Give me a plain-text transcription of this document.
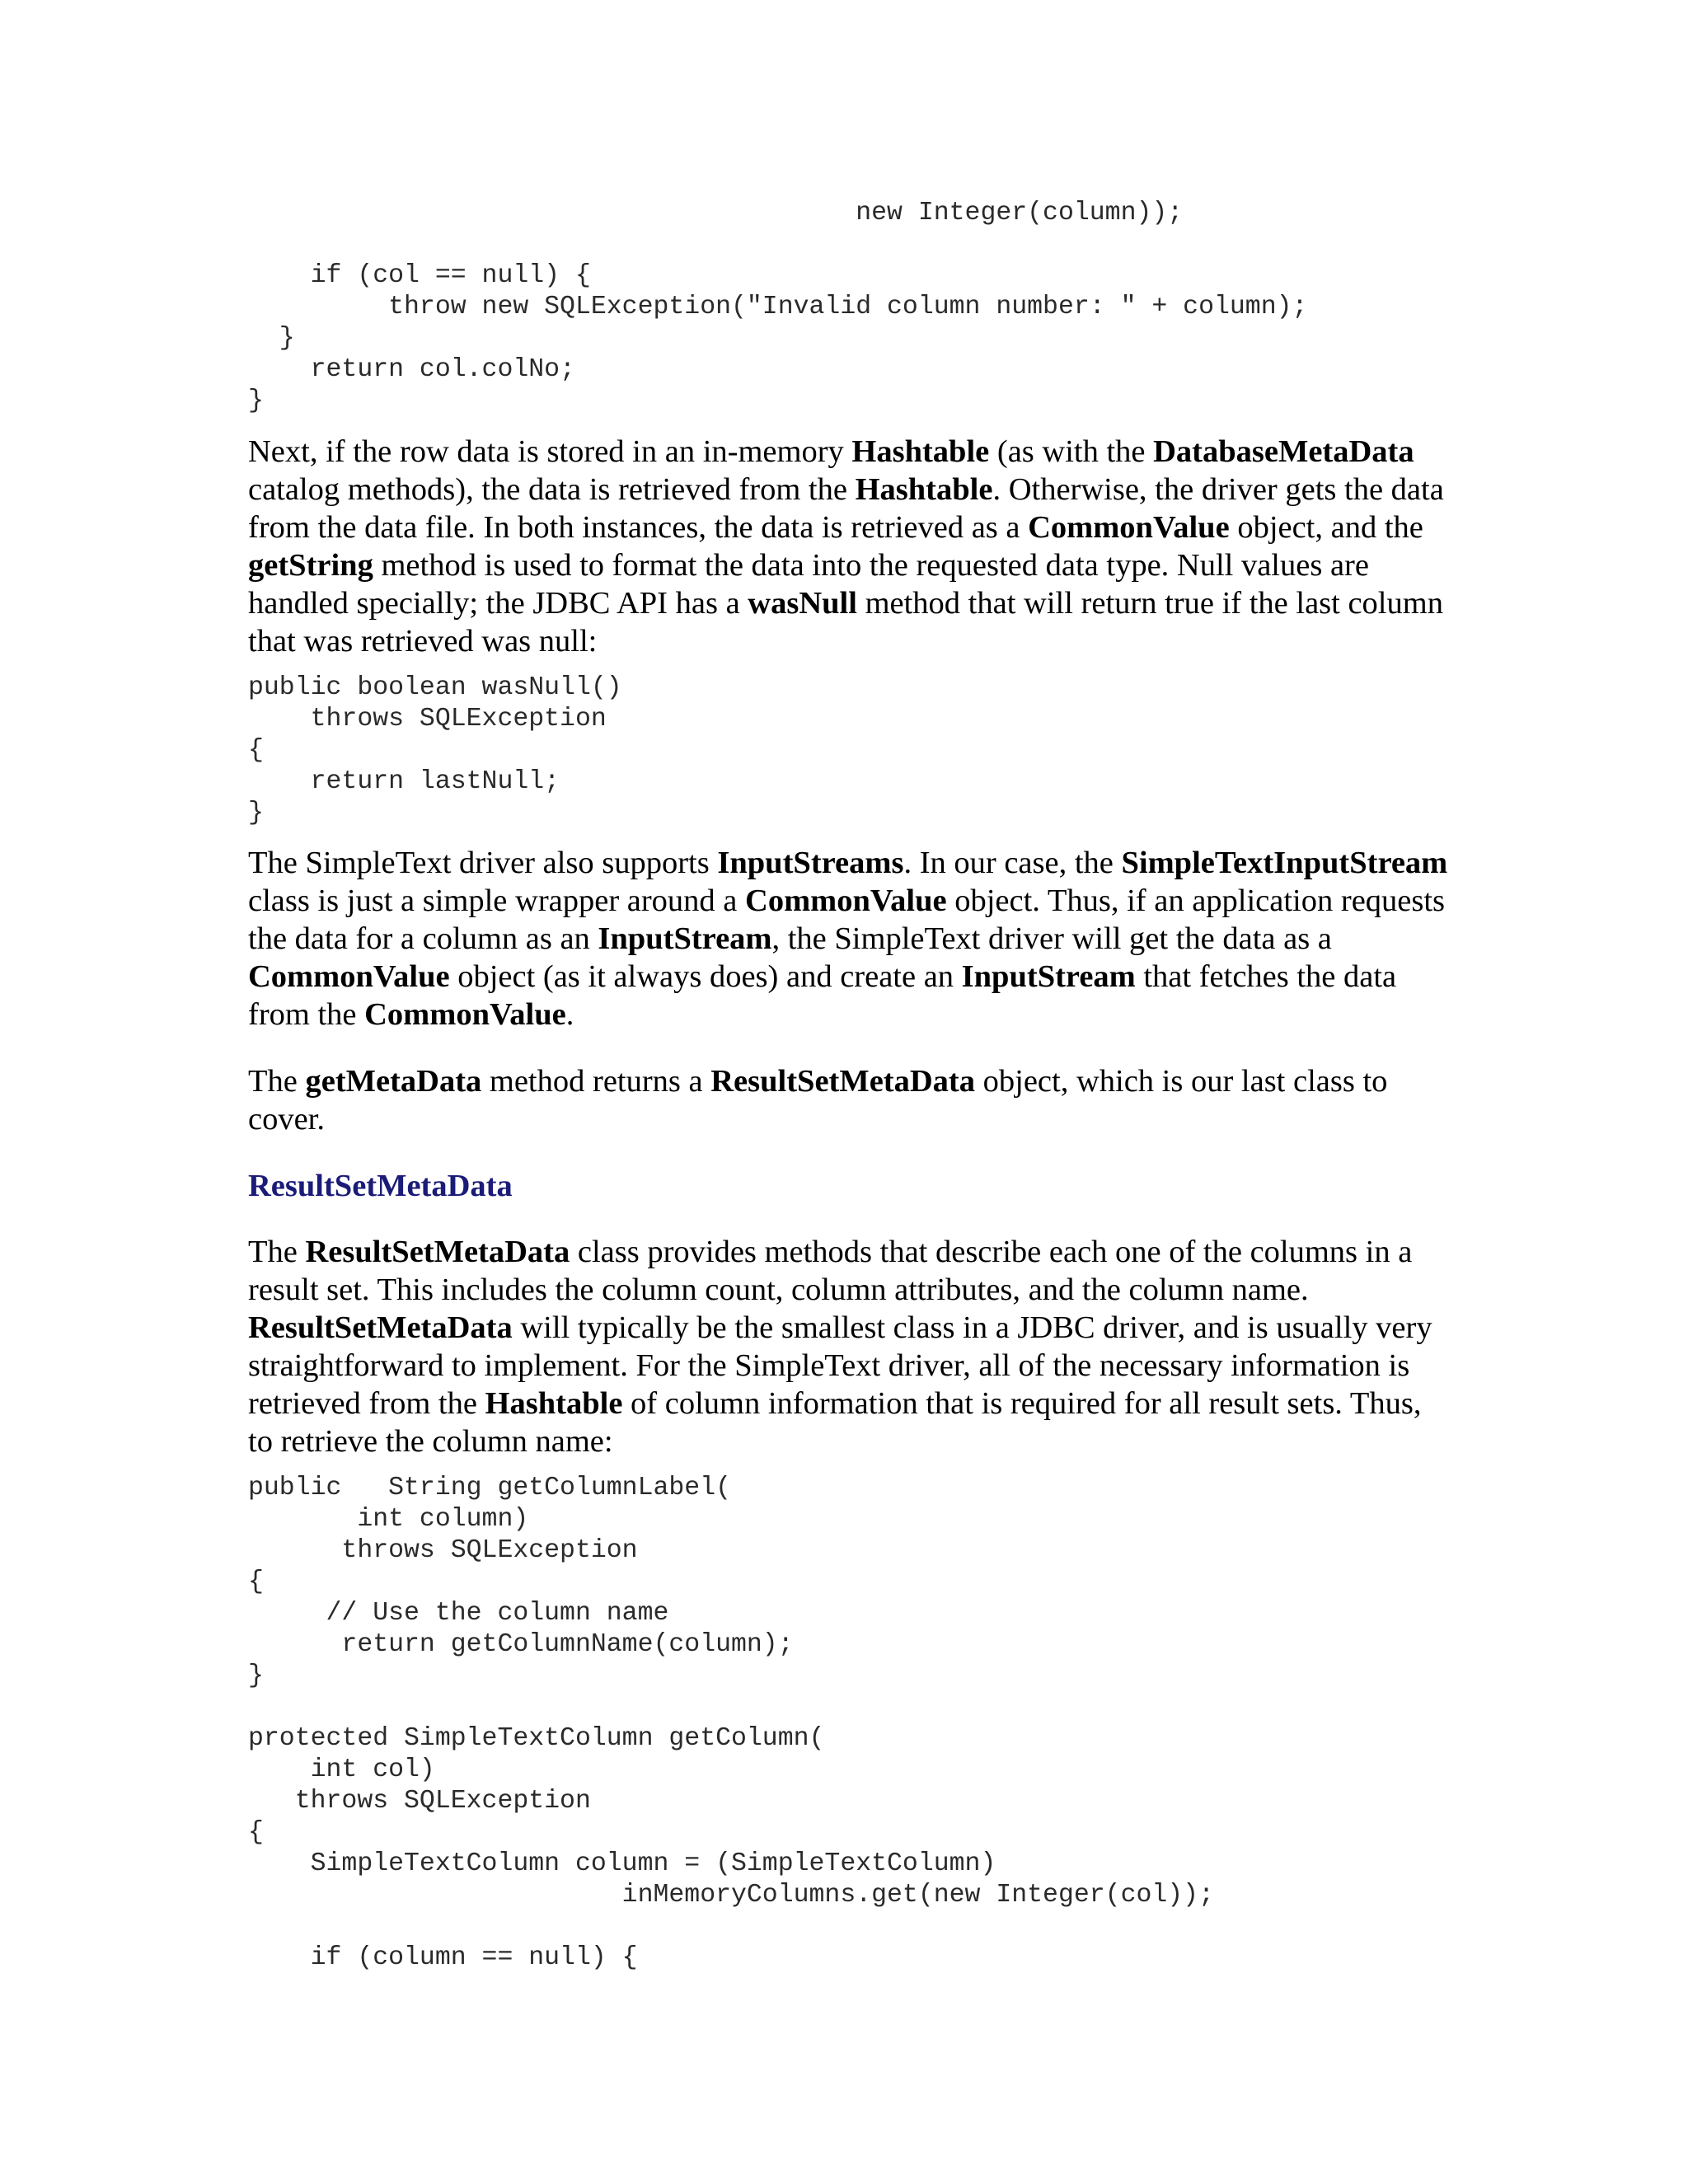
new Integer(column));

if (col == null) {
throw new SQLException("Invalid column number: " + column);
}
return col.colNo;
}

Next, if the row data is stored in an in-memory Hashtable (as with the DatabaseMetaData catalog methods), the data is retrieved from the Hashtable. Otherwise, the driver gets the data from the data file. In both instances, the data is retrieved as a CommonValue object, and the getString method is used to format the data into the requested data type. Null values are handled specially; the JDBC API has a wasNull method that will return true if the last column that was retrieved was null:

public boolean wasNull()
throws SQLException
{
return lastNull;
}

The SimpleText driver also supports InputStreams. In our case, the SimpleTextInputStream class is just a simple wrapper around a CommonValue object. Thus, if an application requests the data for a column as an InputStream, the SimpleText driver will get the data as a CommonValue object (as it always does) and create an InputStream that fetches the data from the CommonValue.

The getMetaData method returns a ResultSetMetaData object, which is our last class to cover.

ResultSetMetaData

The ResultSetMetaData class provides methods that describe each one of the columns in a result set. This includes the column count, column attributes, and the column name. ResultSetMetaData will typically be the smallest class in a JDBC driver, and is usually very straightforward to implement. For the SimpleText driver, all of the necessary information is retrieved from the Hashtable of column information that is required for all result sets. Thus, to retrieve the column name:

public   String getColumnLabel(
int column)
throws SQLException
{
// Use the column name
return getColumnName(column);
}

protected SimpleTextColumn getColumn(
int col)
throws SQLException
{
SimpleTextColumn column = (SimpleTextColumn)
inMemoryColumns.get(new Integer(col));

if (column == null) {
